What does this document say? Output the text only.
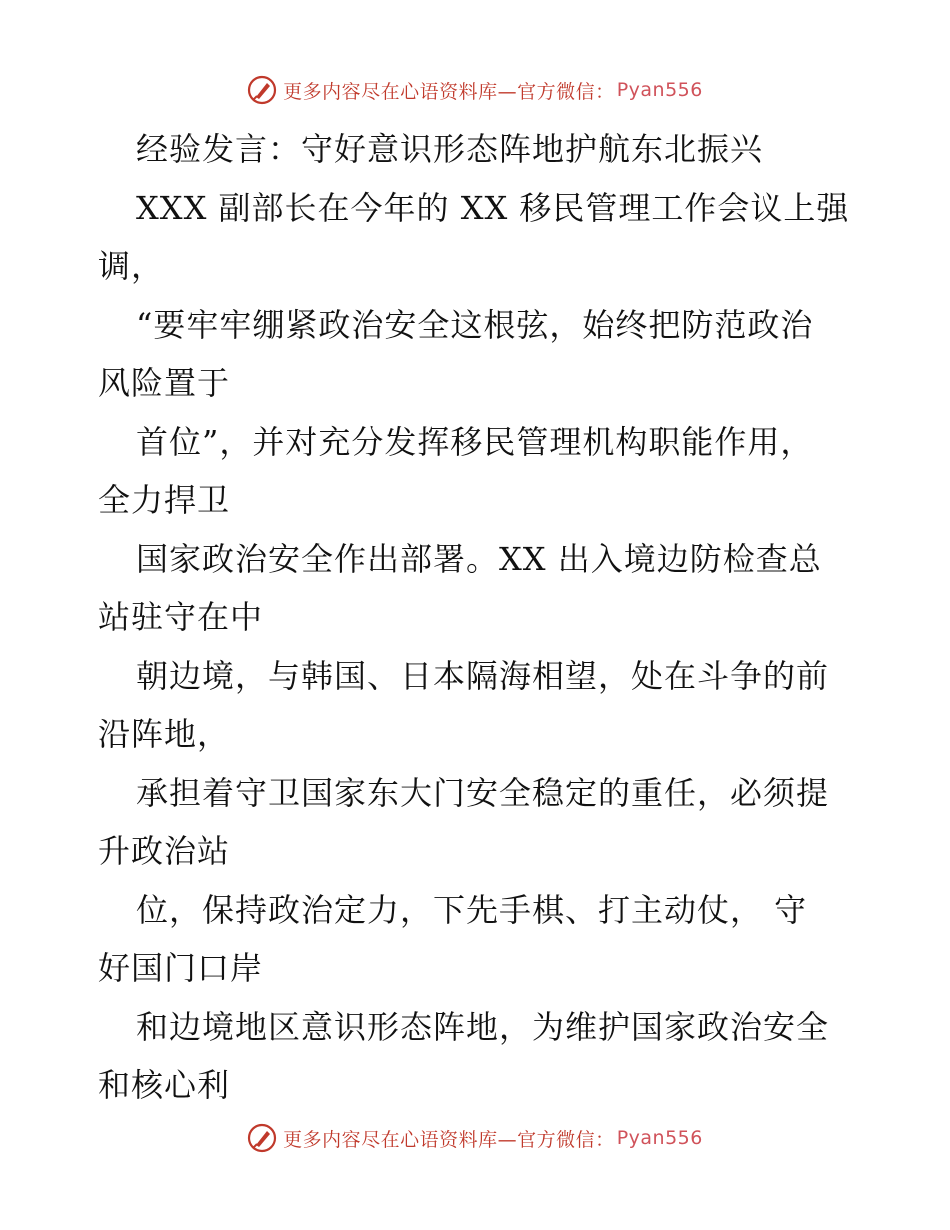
更多内容尽在心语资料库 —官方微信： Pyan556
经验发言：守好意识形态阵地护航东北振兴
XXX 副部长在今年的 XX 移民管理工作会议上强
调，
“要牢牢绷紧政治安全这根弦，始终把防范政治
风险置于
首位”，并对充分发挥移民管理机构职能作用，
全力捍卫
国家政治安全作出部署。XX 出入境边防检查总
站驻守在中
朝边境，与韩国、日本隔海相望，处在斗争的前
沿阵地，
承担着守卫国家东大门安全稳定的重任，必须提
升政治站
位，保持政治定力，下先手棋、打主动仗， 守
好国门口岸
和边境地区意识形态阵地，为维护国家政治安全
和核心利
更多内容尽在心语资料库 —官方微信： Pyan556
